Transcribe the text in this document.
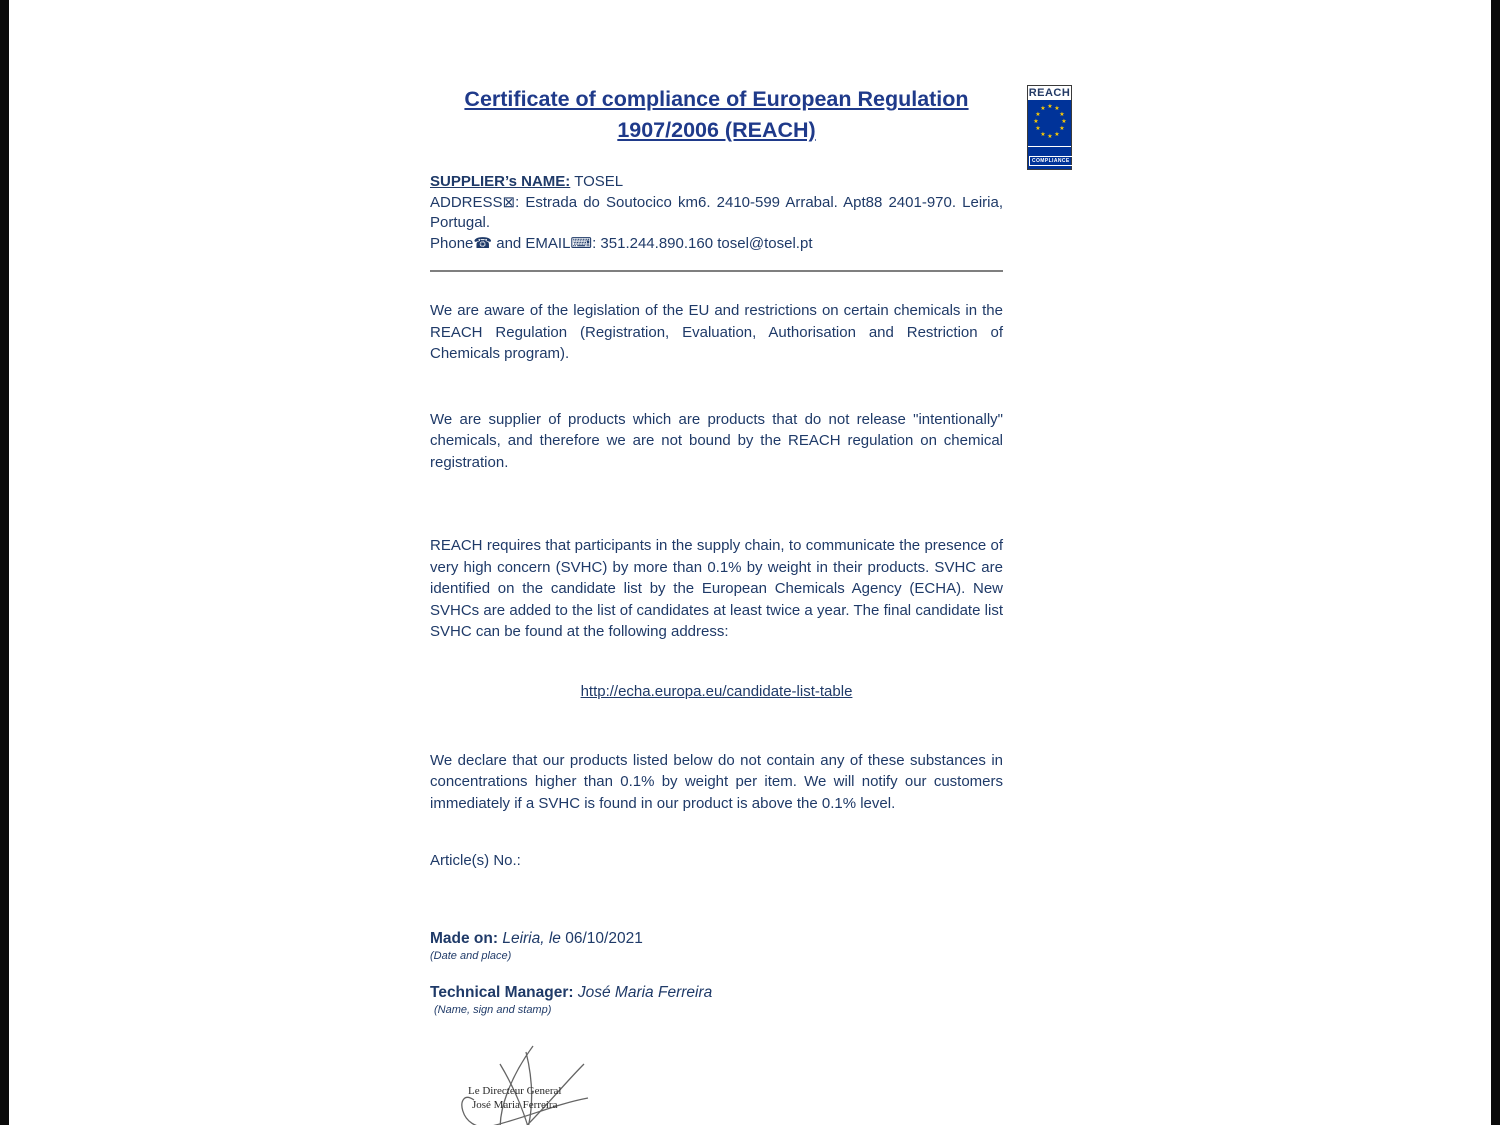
REACH
★ ★
★
★
★
★
★
★
★
★
★
★
COMPLIANCE
Certificate of compliance of European Regulation
1907/2006 (REACH)
SUPPLIER’s NAME: TOSEL
ADDRESS⊠: Estrada do Soutocico km6. 2410-599 Arrabal. Apt88 2401-970. Leiria, Portugal.
Phone☎ and EMAIL⌨: 351.244.890.160 tosel@tosel.pt

We are aware of the legislation of the EU and restrictions on certain chemicals in the REACH Regulation (Registration, Evaluation, Authorisation and Restriction of Chemicals program).

We are supplier of products which are products that do not release "intentionally" chemicals, and therefore we are not bound by the REACH regulation on chemical registration.

REACH requires that participants in the supply chain, to communicate the presence of very high concern (SVHC) by more than 0.1% by weight in their products. SVHC are identified on the candidate list by the European Chemicals Agency (ECHA). New SVHCs are added to the list of candidates at least twice a year. The final candidate list SVHC can be found at the following address:

http://echa.europa.eu/candidate-list-table

We declare that our products listed below do not contain any of these substances in concentrations higher than 0.1% by weight per item. We will notify our customers immediately if a SVHC is found in our product is above the 0.1% level.

Article(s) No.:

Made on: Leiria, le 06/10/2021

(Date and place)

Technical Manager: José Maria Ferreira

(Name, sign and stamp)

Le Directeur General
José Maria Ferreira
